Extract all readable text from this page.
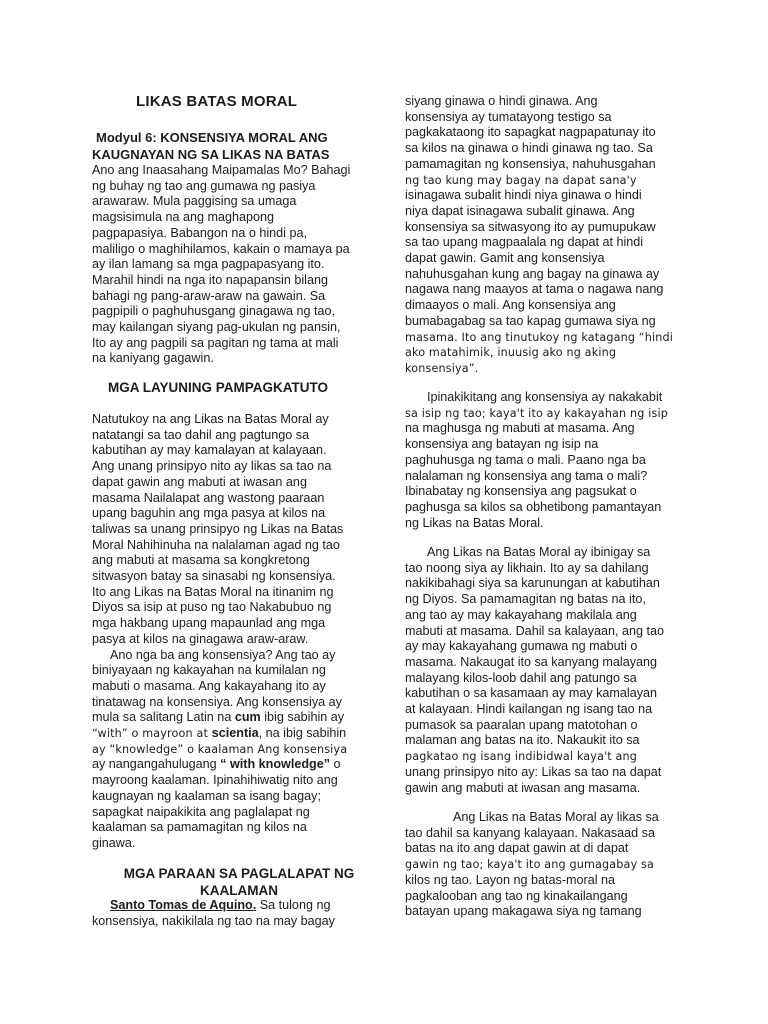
LIKAS BATAS MORAL
Modyul 6: KONSENSIYA MORAL ANG
KAUGNAYAN NG SA LIKAS NA BATAS
Ano ang Inaasahang Maipamalas Mo? Bahagi
ng buhay ng tao ang gumawa ng pasiya
arawaraw. Mula paggising sa umaga
magsisimula na ang maghapong
pagpapasiya. Babangon na o hindi pa,
maliligo o maghihilamos, kakain o mamaya pa
ay ilan lamang sa mga pagpapasyang ito.
Marahil hindi na nga ito napapansin bilang
bahagi ng pang-araw-araw na gawain. Sa
pagpipili o paghuhusgang ginagawa ng tao,
may kailangan siyang pag-ukulan ng pansin,
Ito ay ang pagpili sa pagitan ng tama at mali
na kaniyang gagawin.
MGA LAYUNING PAMPAGKATUTO
Natutukoy na ang Likas na Batas Moral ay
natatangi sa tao dahil ang pagtungo sa
kabutihan ay may kamalayan at kalayaan.
Ang unang prinsipyo nito ay likas sa tao na
dapat gawin ang mabuti at iwasan ang
masama Nailalapat ang wastong paaraan
upang baguhin ang mga pasya at kilos na
taliwas sa unang prinsipyo ng Likas na Batas
Moral Nahihinuha na nalalaman agad ng tao
ang mabuti at masama sa kongkretong
sitwasyon batay sa sinasabi ng konsensiya.
Ito ang Likas na Batas Moral na itinanim ng
Diyos sa isip at puso ng tao Nakabubuo ng
mga hakbang upang mapaunlad ang mga
pasya at kilos na ginagawa araw-araw.
Ano nga ba ang konsensiya? Ang tao ay
biniyayaan ng kakayahan na kumilalan ng
mabuti o masama. Ang kakayahang ito ay
tinatawag na konsensiya. Ang konsensiya ay
mula sa salitang Latin na cum ibig sabihin ay
“with” o mayroon at scientia, na ibig sabihin
ay “knowledge” o kaalaman Ang konsensiya
ay nangangahulugang “ with knowledge” o
mayroong kaalaman. Ipinahihiwatig nito ang
kaugnayan ng kaalaman sa isang bagay;
sapagkat naipakikita ang paglalapat ng
kaalaman sa pamamagitan ng kilos na
ginawa.
MGA PARAAN SA PAGLALAPAT NG
KAALAMAN
Santo Tomas de Aquino. Sa tulong ng
konsensiya, nakikilala ng tao na may bagay
siyang ginawa o hindi ginawa. Ang
konsensiya ay tumatayong testigo sa
pagkakataong ito sapagkat nagpapatunay ito
sa kilos na ginawa o hindi ginawa ng tao. Sa
pamamagitan ng konsensiya, nahuhusgahan
ng tao kung may bagay na dapat sana'y
isinagawa subalit hindi niya ginawa o hindi
niya dapat isinagawa subalit ginawa. Ang
konsensiya sa sitwasyong ito ay pumupukaw
sa tao upang magpaalala ng dapat at hindi
dapat gawin. Gamit ang konsensiya
nahuhusgahan kung ang bagay na ginawa ay
nagawa nang maayos at tama o nagawa nang
dimaayos o mali. Ang konsensiya ang
bumabagabag sa tao kapag gumawa siya ng
masama. Ito ang tinutukoy ng katagang “hindi
ako matahimik, inuusig ako ng aking
konsensiya”.
Ipinakikitang ang konsensiya ay nakakabit
sa isip ng tao; kaya't ito ay kakayahan ng isip
na maghusga ng mabuti at masama. Ang
konsensiya ang batayan ng isip na
paghuhusga ng tama o mali. Paano nga ba
nalalaman ng konsensiya ang tama o mali?
Ibinabatay ng konsensiya ang pagsukat o
paghusga sa kilos sa obhetibong pamantayan
ng Likas na Batas Moral.
Ang Likas na Batas Moral ay ibinigay sa
tao noong siya ay likhain. Ito ay sa dahilang
nakikibahagi siya sa karunungan at kabutihan
ng Diyos. Sa pamamagitan ng batas na ito,
ang tao ay may kakayahang makilala ang
mabuti at masama. Dahil sa kalayaan, ang tao
ay may kakayahang gumawa ng mabuti o
masama. Nakaugat ito sa kanyang malayang
malayang kilos-loob dahil ang patungo sa
kabutihan o sa kasamaan ay may kamalayan
at kalayaan. Hindi kailangan ng isang tao na
pumasok sa paaralan upang matotohan o
malaman ang batas na ito. Nakaukit ito sa
pagkatao ng isang indibidwal kaya't ang
unang prinsipyo nito ay: Likas sa tao na dapat
gawin ang mabuti at iwasan ang masama.
Ang Likas na Batas Moral ay likas sa
tao dahil sa kanyang kalayaan. Nakasaad sa
batas na ito ang dapat gawin at di dapat
gawin ng tao; kaya't ito ang gumagabay sa
kilos ng tao. Layon ng batas-moral na
pagkalooban ang tao ng kinakailangang
batayan upang makagawa siya ng tamang
